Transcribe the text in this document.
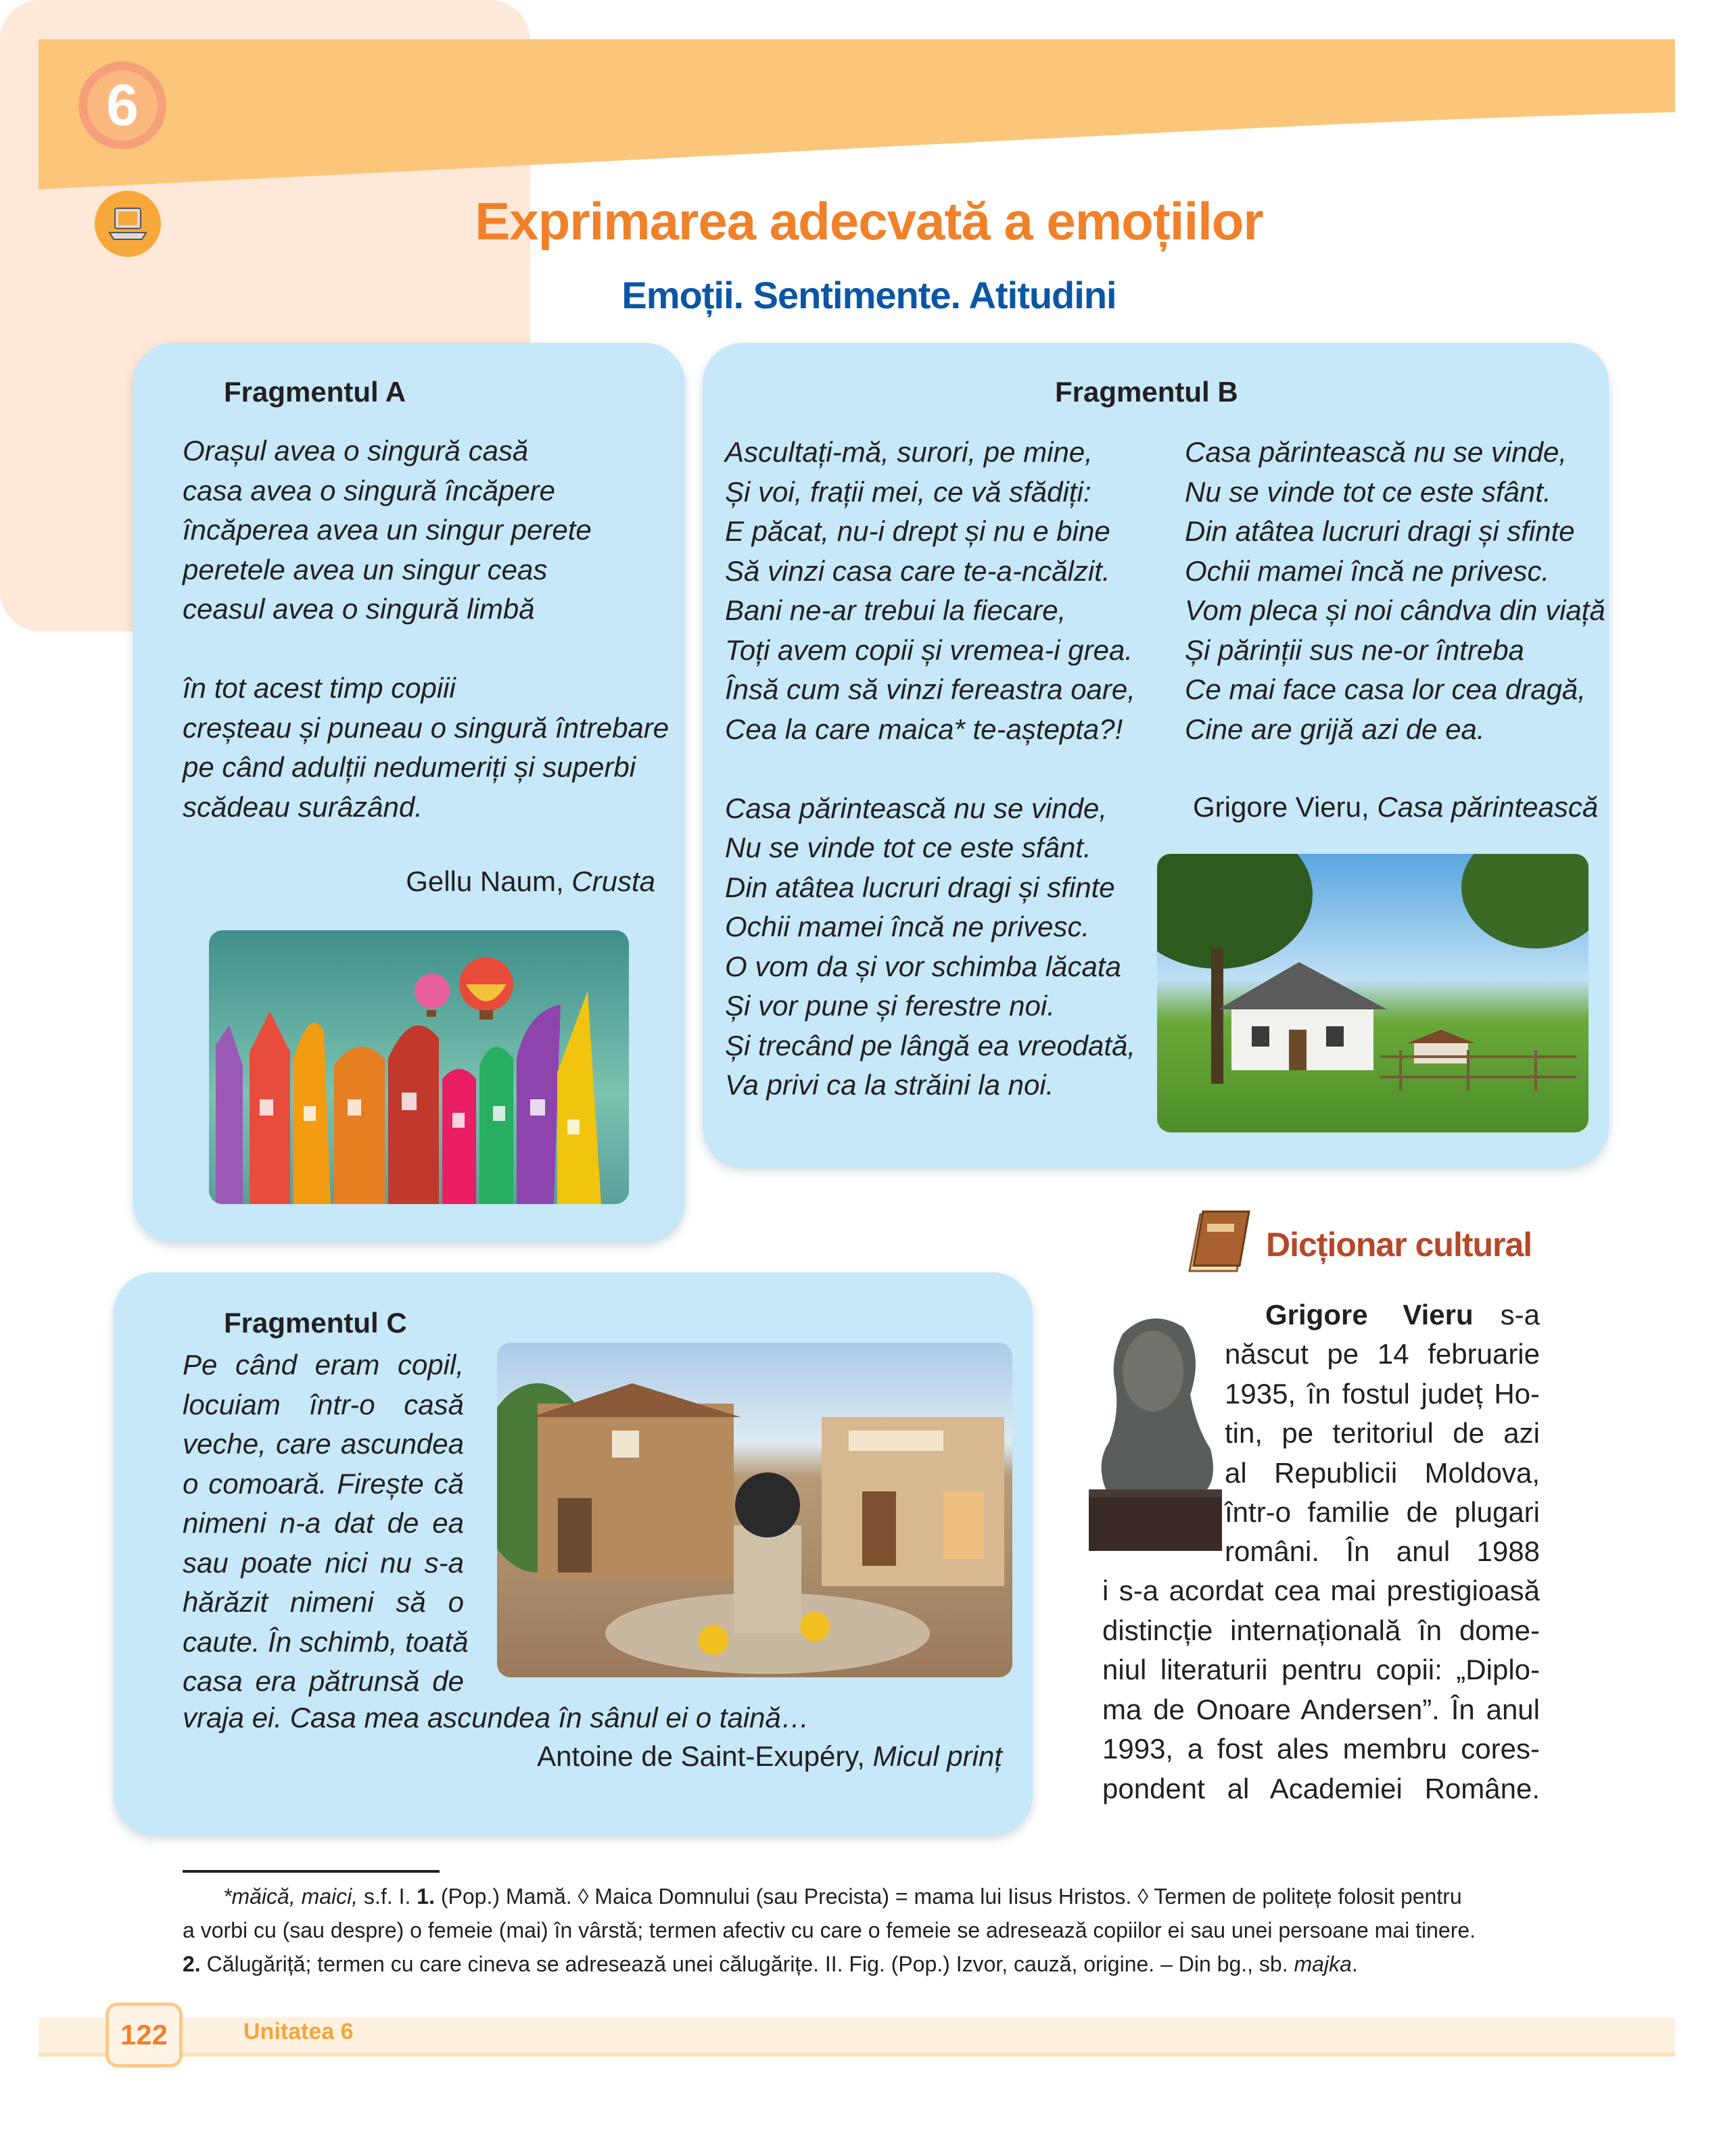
6
Exprimarea adecvată a emoțiilor
Emoții. Sentimente. Atitudini
Fragmentul A
Orașul avea o singură casă
casa avea o singură încăpere
încăperea avea un singur perete
peretele avea un singur ceas
ceasul avea o singură limbă
în tot acest timp copiii
creșteau și puneau o singură întrebare
pe când adulții nedumeriți și superbi
scădeau surâzând.
Gellu Naum, Crusta
Fragmentul B
Ascultați-mă, surori, pe mine,
Și voi, frații mei, ce vă sfădiți:
E păcat, nu-i drept și nu e bine
Să vinzi casa care te-a-ncălzit.
Bani ne-ar trebui la fiecare,
Toți avem copii și vremea-i grea.
Însă cum să vinzi fereastra oare,
Cea la care maica* te-aștepta?!
Casa părintească nu se vinde,
Nu se vinde tot ce este sfânt.
Din atâtea lucruri dragi și sfinte
Ochii mamei încă ne privesc.
O vom da și vor schimba lăcata
Și vor pune și ferestre noi.
Și trecând pe lângă ea vreodată,
Va privi ca la străini la noi.
Casa părintească nu se vinde,
Nu se vinde tot ce este sfânt.
Din atâtea lucruri dragi și sfinte
Ochii mamei încă ne privesc.
Vom pleca și noi cândva din viață
Și părinții sus ne-or întreba
Ce mai face casa lor cea dragă,
Cine are grijă azi de ea.
Grigore Vieru, Casa părintească
Fragmentul C
Pe când eram copil,
locuiam într-o casă
veche, care ascundea
o comoară. Firește că
nimeni n-a dat de ea
sau poate nici nu s-a
hărăzit nimeni să o
caute. În schimb, toată
casa era pătrunsă de
vraja ei. Casa mea ascundea în sânul ei o taină…
Antoine de Saint-Exupéry, Micul prinț
Dicționar cultural
Grigore Vieru s-a
născut pe 14 februarie
1935, în fostul județ Ho-
tin, pe teritoriul de azi
al Republicii Moldova,
într-o familie de plugari
români. În anul 1988
i s-a acordat cea mai prestigioasă
distincție internațională în dome-
niul literaturii pentru copii: „Diplo-
ma de Onoare Andersen”. În anul
1993, a fost ales membru cores-
pondent al Academiei Române.
*măică, maici, s.f. I. 1. (Pop.) Mamă. ◊ Maica Domnului (sau Precista) = mama lui Iisus Hristos. ◊ Termen de politețe folosit pentru
a vorbi cu (sau despre) o femeie (mai) în vârstă; termen afectiv cu care o femeie se adresează copiilor ei sau unei persoane mai tinere.
2. Călugăriță; termen cu care cineva se adresează unei călugărițe. II. Fig. (Pop.) Izvor, cauză, origine. – Din bg., sb. majka.
122	Unitatea 6
